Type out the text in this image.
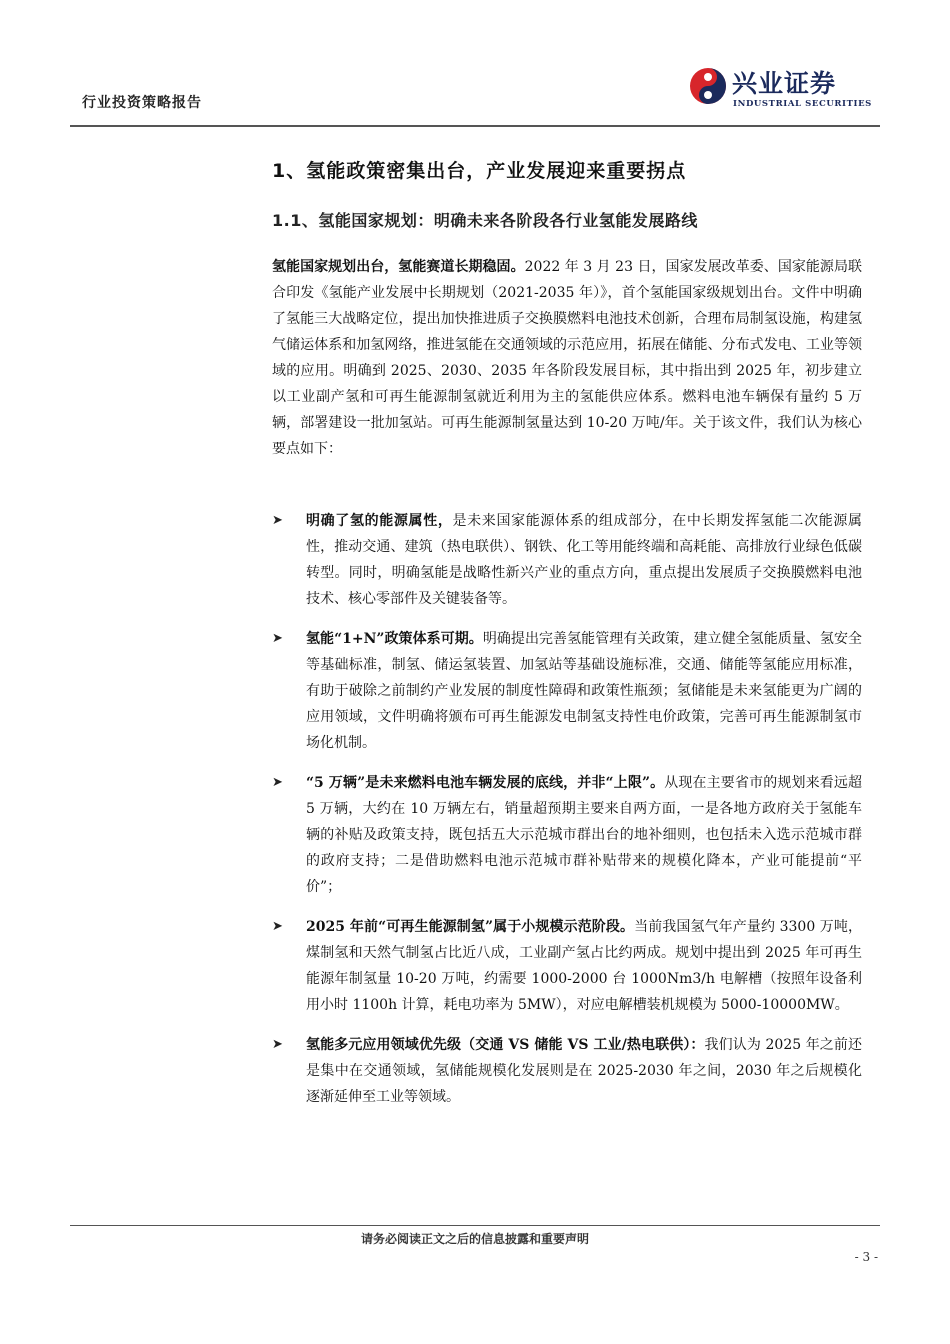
行业投资策略报告
兴业证券
INDUSTRIAL SECURITIES
1、氢能政策密集出台，产业发展迎来重要拐点
1.1、氢能国家规划：明确未来各阶段各行业氢能发展路线
氢能国家规划出台，氢能赛道长期稳固。2022 年 3 月 23 日，国家发展改革委、国家能源局联合印发《氢能产业发展中长期规划（2021-2035 年）》，首个氢能国家级规划出台。文件中明确了氢能三大战略定位，提出加快推进质子交换膜燃料电池技术创新，合理布局制氢设施，构建氢气储运体系和加氢网络，推进氢能在交通领域的示范应用，拓展在储能、分布式发电、工业等领域的应用。明确到 2025、2030、2035 年各阶段发展目标，其中指出到 2025 年，初步建立以工业副产氢和可再生能源制氢就近利用为主的氢能供应体系。燃料电池车辆保有量约 5 万辆，部署建设一批加氢站。可再生能源制氢量达到 10-20 万吨/年。关于该文件，我们认为核心要点如下：
➤ 明确了氢的能源属性，是未来国家能源体系的组成部分，在中长期发挥氢能二次能源属性，推动交通、建筑（热电联供）、钢铁、化工等用能终端和高耗能、高排放行业绿色低碳转型。同时，明确氢能是战略性新兴产业的重点方向，重点提出发展质子交换膜燃料电池技术、核心零部件及关键装备等。
➤ 氢能“1+N”政策体系可期。明确提出完善氢能管理有关政策，建立健全氢能质量、氢安全等基础标准，制氢、储运氢装置、加氢站等基础设施标准，交通、储能等氢能应用标准，有助于破除之前制约产业发展的制度性障碍和政策性瓶颈；氢储能是未来氢能更为广阔的应用领域，文件明确将颁布可再生能源发电制氢支持性电价政策，完善可再生能源制氢市场化机制。
➤ “5 万辆”是未来燃料电池车辆发展的底线，并非“上限”。从现在主要省市的规划来看远超 5 万辆，大约在 10 万辆左右，销量超预期主要来自两方面，一是各地方政府关于氢能车辆的补贴及政策支持，既包括五大示范城市群出台的地补细则，也包括未入选示范城市群的政府支持；二是借助燃料电池示范城市群补贴带来的规模化降本，产业可能提前“平价”；
➤ 2025 年前“可再生能源制氢”属于小规模示范阶段。当前我国氢气年产量约 3300 万吨，煤制氢和天然气制氢占比近八成，工业副产氢占比约两成。规划中提出到 2025 年可再生能源年制氢量 10-20 万吨，约需要 1000-2000 台 1000Nm3/h 电解槽（按照年设备利用小时 1100h 计算，耗电功率为 5MW），对应电解槽装机规模为 5000-10000MW。
➤ 氢能多元应用领域优先级（交通 VS 储能 VS 工业/热电联供）：我们认为 2025 年之前还是集中在交通领域，氢储能规模化发展则是在 2025-2030 年之间，2030 年之后规模化逐渐延伸至工业等领域。
请务必阅读正文之后的信息披露和重要声明
- 3 -
